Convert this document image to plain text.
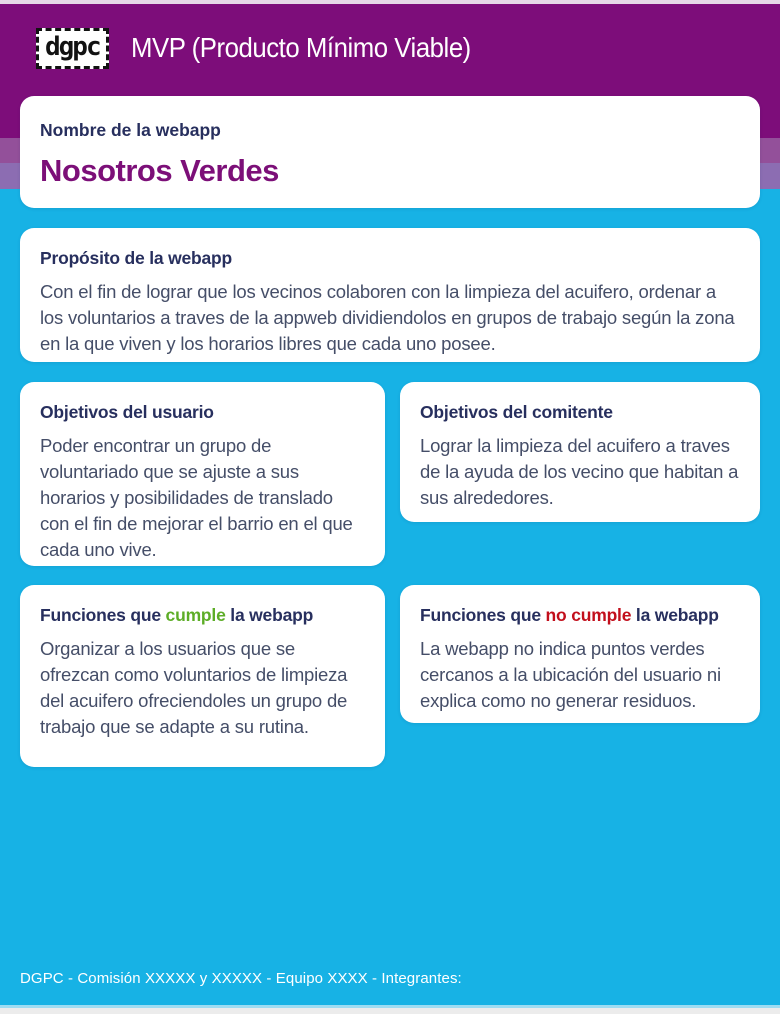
dgpc	MVP (Producto Mínimo Viable)
Nombre de la webapp
Nosotros Verdes
Propósito de la webapp
Con el fin de lograr que los vecinos colaboren con la limpieza del acuifero, ordenar a los voluntarios a traves de la appweb dividiendolos en grupos de trabajo según la zona en la que viven y los horarios libres que cada uno posee.
Objetivos del usuario
Poder encontrar un grupo de voluntariado que se ajuste a sus horarios y posibilidades de translado con el fin de mejorar el barrio en el que cada uno vive.
Objetivos del comitente
Lograr la limpieza del acuifero a traves de la ayuda de los vecino que habitan a sus alrededores.
Funciones que cumple la webapp
Organizar a los usuarios que se ofrezcan como voluntarios de limpieza del acuifero ofreciendoles un grupo de trabajo que se adapte a su rutina.
Funciones que no cumple la webapp
La webapp no indica puntos verdes cercanos a la ubicación del usuario ni explica como no generar residuos.
DGPC - Comisión XXXXX y XXXXX - Equipo XXXX - Integrantes:
